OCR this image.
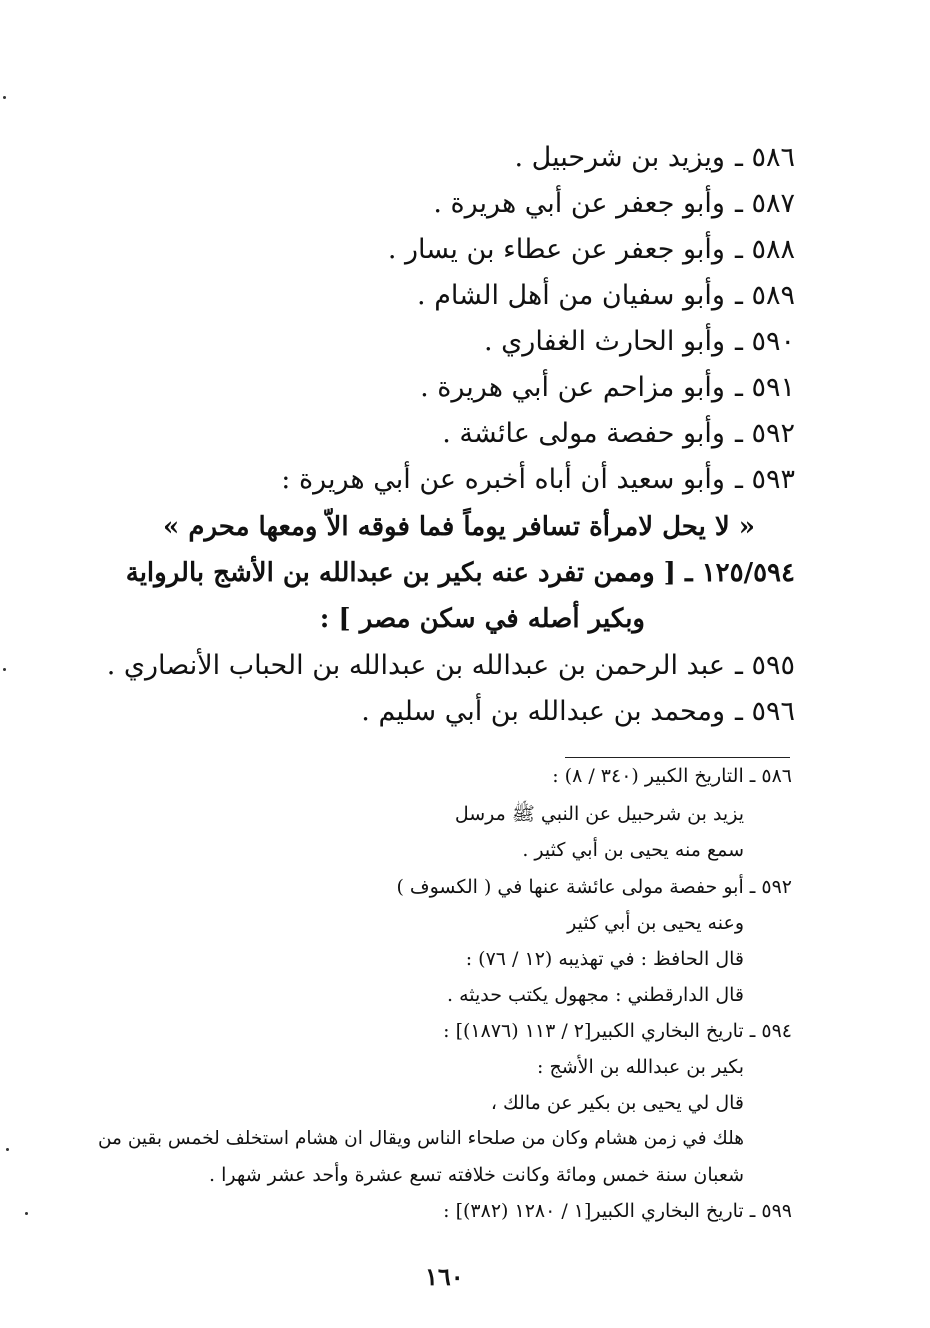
٥٨٦ ـويزيد بن شرحبيل .

٥٨٧ ـوأبو جعفر عن أبي هريرة .

٥٨٨ ـوأبو جعفر عن عطاء بن يسار .

٥٨٩ ـوأبو سفيان من أهل الشام .

٥٩٠ ـوأبو الحارث الغفاري .

٥٩١ ـوأبو مزاحم عن أبي هريرة .

٥٩٢ ـوأبو حفصة مولى عائشة .

٥٩٣ ـوأبو سعيد أن أباه أخبره عن أبي هريرة :

« لا يحل لامرأة تسافر يوماً فما فوقه الاّ ومعها محرم »

١٢٥/٥٩٤ ـ [ وممن تفرد عنه بكير بن عبدالله بن الأشج بالرواية

وبكير أصله في سكن مصر ] :

٥٩٥ ـعبد الرحمن بن عبدالله بن عبدالله بن الحباب الأنصاري .

٥٩٦ ـومحمد بن عبدالله بن أبي سليم .

٥٨٦ ـ التاريخ الكبير (٣٤٠ / ٨) :

يزيد بن شرحبيل عن النبي ﷺ مرسل

سمع منه يحيى بن أبي كثير .

٥٩٢ ـ أبو حفصة مولى عائشة عنها في ( الكسوف )

وعنه يحيى بن أبي كثير

قال الحافظ : في تهذيبه (١٢ / ٧٦) :

قال الدارقطني : مجهول يكتب حديثه .

٥٩٤ ـ تاريخ البخاري الكبير[٢ / ١١٣ (١٨٧٦)] :

بكير بن عبدالله بن الأشج :

قال لي يحيى بن بكير عن مالك ،

هلك في زمن هشام وكان من صلحاء الناس ويقال ان هشام استخلف لخمس بقين من

شعبان سنة خمس ومائة وكانت خلافته تسع عشرة وأحد عشر شهرا .

٥٩٩ ـ تاريخ البخاري الكبير[١ / ١٢٨٠ (٣٨٢)] :

١٦٠
